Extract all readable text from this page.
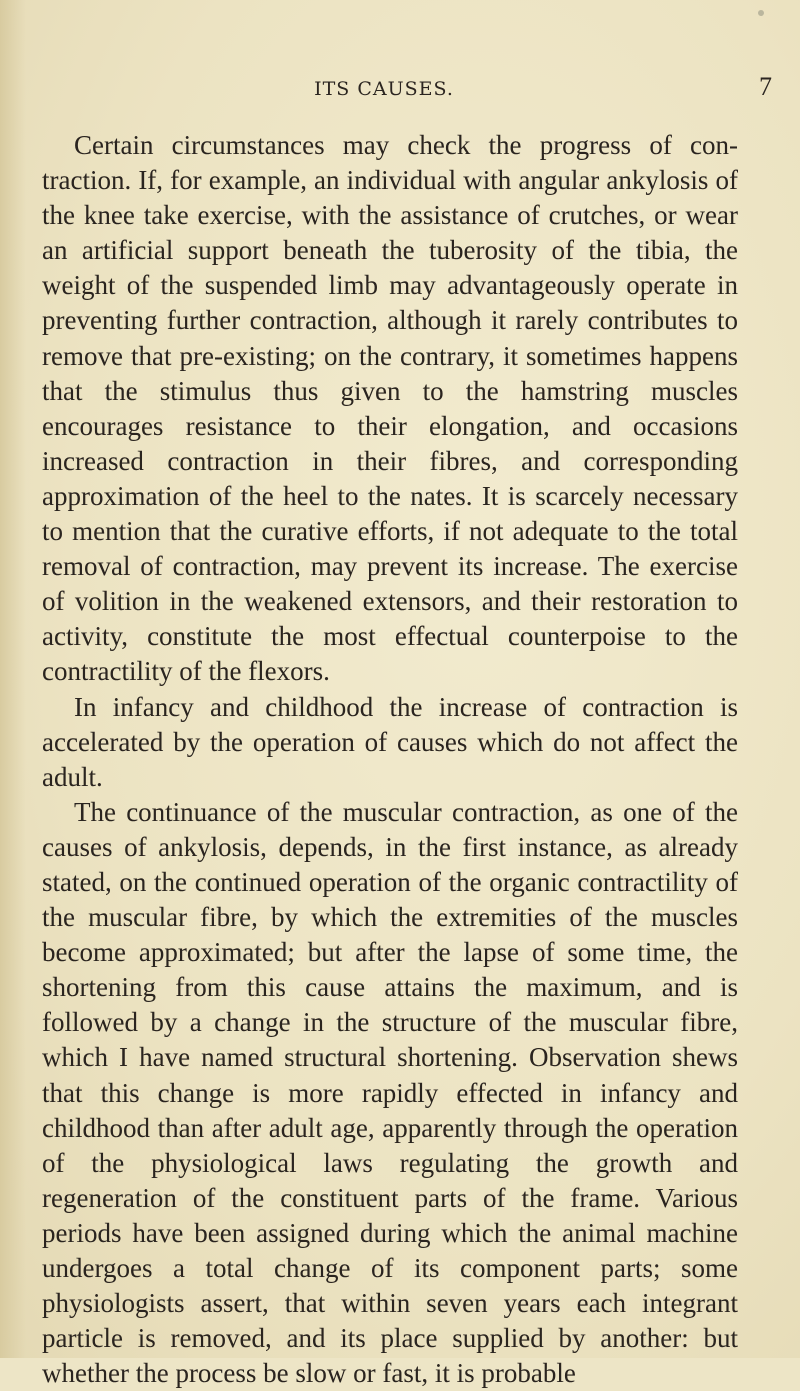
ITS CAUSES.	7

Certain circumstances may check the progress of contraction. If, for example, an individual with angular ankylosis of the knee take exercise, with the assistance of crutches, or wear an artificial support beneath the tuberosity of the tibia, the weight of the suspended limb may advantageously operate in preventing further contraction, although it rarely contributes to remove that pre-existing; on the contrary, it sometimes happens that the stimulus thus given to the hamstring muscles encourages resistance to their elongation, and occasions increased contraction in their fibres, and corresponding approximation of the heel to the nates. It is scarcely necessary to mention that the curative efforts, if not adequate to the total removal of contraction, may prevent its increase. The exercise of volition in the weakened extensors, and their restoration to activity, constitute the most effectual counterpoise to the contractility of the flexors.

In infancy and childhood the increase of contraction is accelerated by the operation of causes which do not affect the adult.

The continuance of the muscular contraction, as one of the causes of ankylosis, depends, in the first instance, as already stated, on the continued operation of the organic contractility of the muscular fibre, by which the extremities of the muscles become approximated; but after the lapse of some time, the shortening from this cause attains the maximum, and is followed by a change in the structure of the muscular fibre, which I have named structural shortening. Observation shews that this change is more rapidly effected in infancy and childhood than after adult age, apparently through the operation of the physiological laws regulating the growth and regeneration of the constituent parts of the frame. Various periods have been assigned during which the animal machine undergoes a total change of its component parts; some physiologists assert, that within seven years each integrant particle is removed, and its place supplied by another: but whether the process be slow or fast, it is probable
